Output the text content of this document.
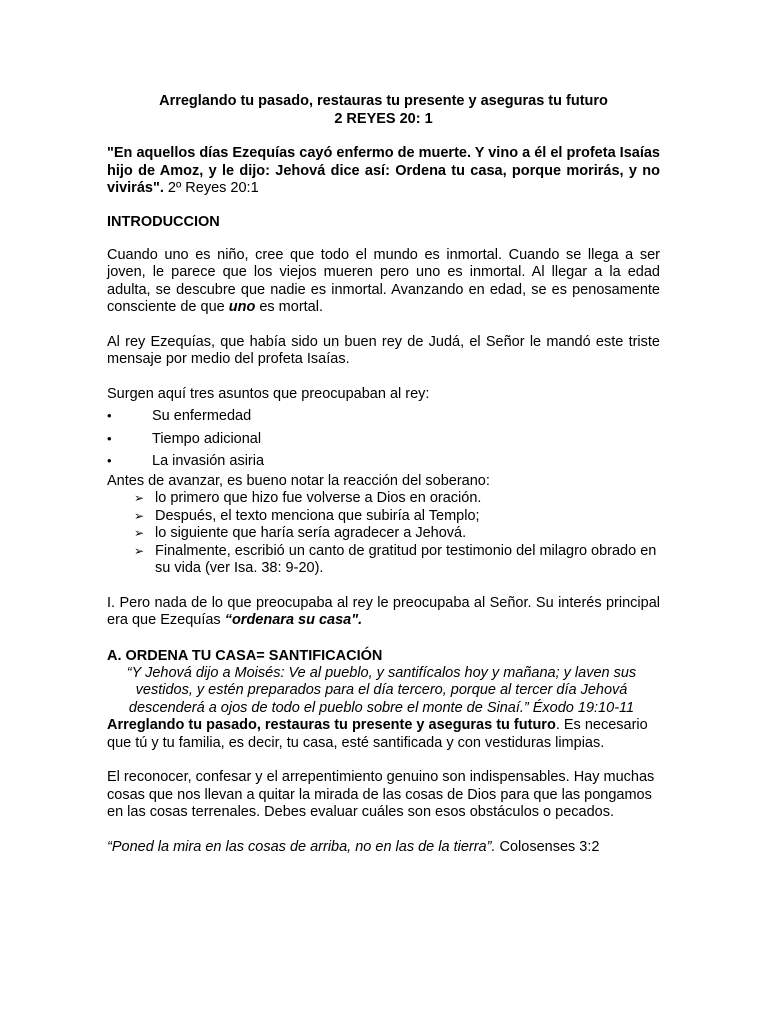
Arreglando tu pasado, restauras tu presente y aseguras tu futuro
2 REYES 20: 1

"En aquellos días Ezequías cayó enfermo de muerte. Y vino a él el profeta Isaías hijo de Amoz, y le dijo: Jehová dice así: Ordena tu casa, porque morirás, y no vivirás". 2º Reyes 20:1

INTRODUCCION

Cuando uno es niño, cree que todo el mundo es inmortal. Cuando se llega a ser joven, le parece que los viejos mueren pero uno es inmortal. Al llegar a la edad adulta, se descubre que nadie es inmortal. Avanzando en edad, se es penosamente consciente de que uno es mortal.

Al rey Ezequías, que había sido un buen rey de Judá, el Señor le mandó este triste mensaje por medio del profeta Isaías.

Surgen aquí tres asuntos que preocupaban al rey:

• Su enfermedad
• Tiempo adicional
• La invasión asiria

Antes de avanzar, es bueno notar la reacción del soberano:

➢ lo primero que hizo fue volverse a Dios en oración.
➢ Después, el texto menciona que subiría al Templo;
➢ lo siguiente que haría sería agradecer a Jehová.
➢ Finalmente, escribió un canto de gratitud por testimonio del milagro obrado en su vida (ver Isa. 38: 9-20).

I. Pero nada de lo que preocupaba al rey le preocupaba al Señor. Su interés principal era que Ezequías “ordenara su casa".

A. ORDENA TU CASA= SANTIFICACIÓN

“Y Jehová dijo a Moisés: Ve al pueblo, y santifícalos hoy y mañana; y laven sus vestidos, y estén preparados para el día tercero, porque al tercer día Jehová descenderá a ojos de todo el pueblo sobre el monte de Sinaí.” Éxodo 19:10-11

Arreglando tu pasado, restauras tu presente y aseguras tu futuro. Es necesario que tú y tu familia, es decir, tu casa, esté santificada y con vestiduras limpias.

El reconocer, confesar y el arrepentimiento genuino son indispensables. Hay muchas cosas que nos llevan a quitar la mirada de las cosas de Dios para que las pongamos en las cosas terrenales. Debes evaluar cuáles son esos obstáculos o pecados.

“Poned la mira en las cosas de arriba, no en las de la tierra”. Colosenses 3:2
